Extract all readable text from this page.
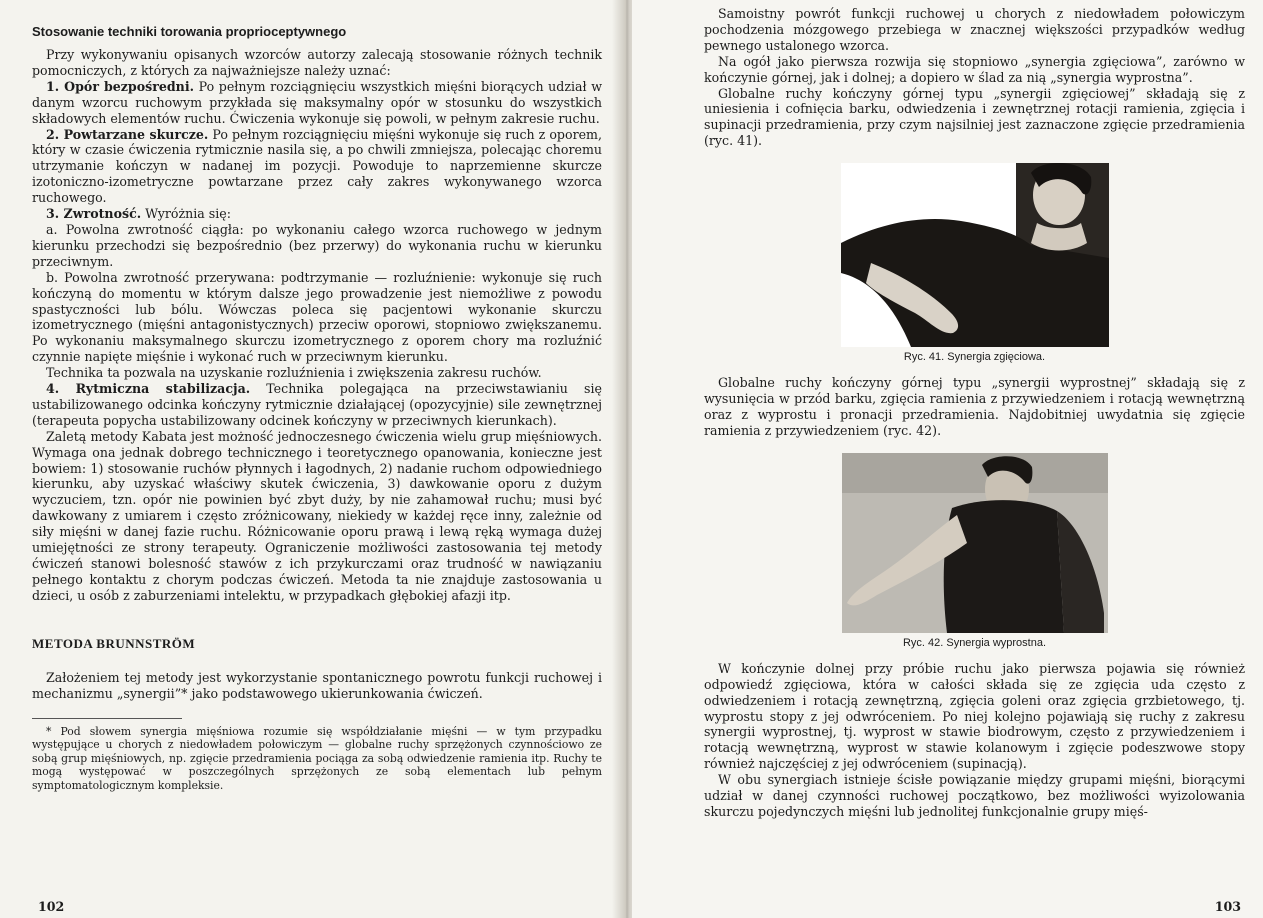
Stosowanie techniki torowania proprioceptywnego

Przy wykonywaniu opisanych wzorców autorzy zalecają stosowanie różnych technik pomocniczych, z których za najważniejsze należy uznać:

1. Opór bezpośredni. Po pełnym rozciągnięciu wszystkich mięśni biorących udział w danym wzorcu ruchowym przykłada się maksymalny opór w stosunku do wszystkich składowych elementów ruchu. Ćwiczenia wykonuje się powoli, w pełnym zakresie ruchu.

2. Powtarzane skurcze. Po pełnym rozciągnięciu mięśni wykonuje się ruch z oporem, który w czasie ćwiczenia rytmicznie nasila się, a po chwili zmniejsza, polecając choremu utrzymanie kończyn w nadanej im pozycji. Powoduje to naprzemienne skurcze izotoniczno-izometryczne powtarzane przez cały zakres wykonywanego wzorca ruchowego.

3. Zwrotność. Wyróżnia się:

a. Powolna zwrotność ciągła: po wykonaniu całego wzorca ruchowego w jednym kierunku przechodzi się bezpośrednio (bez przerwy) do wykonania ruchu w kierunku przeciwnym.

b. Powolna zwrotność przerywana: podtrzymanie — rozluźnienie: wykonuje się ruch kończyną do momentu w którym dalsze jego prowadzenie jest niemożliwe z powodu spastyczności lub bólu. Wówczas poleca się pacjentowi wykonanie skurczu izometrycznego (mięśni antagonistycznych) przeciw oporowi, stopniowo zwiększanemu. Po wykonaniu maksymalnego skurczu izometrycznego z oporem chory ma rozluźnić czynnie napięte mięśnie i wykonać ruch w przeciwnym kierunku.

Technika ta pozwala na uzyskanie rozluźnienia i zwiększenia zakresu ruchów.

4. Rytmiczna stabilizacja. Technika polegająca na przeciwstawianiu się ustabilizowanego odcinka kończyny rytmicznie działającej (opozycyjnie) sile zewnętrznej (terapeuta popycha ustabilizowany odcinek kończyny w przeciwnych kierunkach).

Zaletą metody Kabata jest możność jednoczesnego ćwiczenia wielu grup mięśniowych. Wymaga ona jednak dobrego technicznego i teoretycznego opanowania, konieczne jest bowiem: 1) stosowanie ruchów płynnych i łagodnych, 2) nadanie ruchom odpowiedniego kierunku, aby uzyskać właściwy skutek ćwiczenia, 3) dawkowanie oporu z dużym wyczuciem, tzn. opór nie powinien być zbyt duży, by nie zahamował ruchu; musi być dawkowany z umiarem i często zróżnicowany, niekiedy w każdej ręce inny, zależnie od siły mięśni w danej fazie ruchu. Różnicowanie oporu prawą i lewą ręką wymaga dużej umiejętności ze strony terapeuty. Ograniczenie możliwości zastosowania tej metody ćwiczeń stanowi bolesność stawów z ich przykurczami oraz trudność w nawiązaniu pełnego kontaktu z chorym podczas ćwiczeń. Metoda ta nie znajduje zastosowania u dzieci, u osób z zaburzeniami intelektu, w przypadkach głębokiej afazji itp.

METODA BRUNNSTRÖM

Założeniem tej metody jest wykorzystanie spontanicznego powrotu funkcji ruchowej i mechanizmu „synergii”* jako podstawowego ukierunkowania ćwiczeń.

* Pod słowem synergia mięśniowa rozumie się współdziałanie mięśni — w tym przypadku występujące u chorych z niedowładem połowiczym — globalne ruchy sprzężonych czynnościowo ze sobą grup mięśniowych, np. zgięcie przedramienia pociąga za sobą odwiedzenie ramienia itp. Ruchy te mogą występować w poszczególnych sprzężonych ze sobą elementach lub pełnym symptomatologicznym kompleksie.

102

Samoistny powrót funkcji ruchowej u chorych z niedowładem połowiczym pochodzenia mózgowego przebiega w znacznej większości przypadków według pewnego ustalonego wzorca.

Na ogół jako pierwsza rozwija się stopniowo „synergia zgięciowa”, zarówno w kończynie górnej, jak i dolnej; a dopiero w ślad za nią „synergia wyprostna”.

Globalne ruchy kończyny górnej typu „synergii zgięciowej” składają się z uniesienia i cofnięcia barku, odwiedzenia i zewnętrznej rotacji ramienia, zgięcia i supinacji przedramienia, przy czym najsilniej jest zaznaczone zgięcie przedramienia (ryc. 41).

Ryc. 41. Synergia zgięciowa.

Globalne ruchy kończyny górnej typu „synergii wyprostnej” składają się z wysunięcia w przód barku, zgięcia ramienia z przywiedzeniem i rotacją wewnętrzną oraz z wyprostu i pronacji przedramienia. Najdobitniej uwydatnia się zgięcie ramienia z przywiedzeniem (ryc. 42).

Ryc. 42. Synergia wyprostna.

W kończynie dolnej przy próbie ruchu jako pierwsza pojawia się również odpowiedź zgięciowa, która w całości składa się ze zgięcia uda często z odwiedzeniem i rotacją zewnętrzną, zgięcia goleni oraz zgięcia grzbietowego, tj. wyprostu stopy z jej odwróceniem. Po niej kolejno pojawiają się ruchy z zakresu synergii wyprostnej, tj. wyprost w stawie biodrowym, często z przywiedzeniem i rotacją wewnętrzną, wyprost w stawie kolanowym i zgięcie podeszwowe stopy również najczęściej z jej odwróceniem (supinacją).

W obu synergiach istnieje ścisłe powiązanie między grupami mięśni, biorącymi udział w danej czynności ruchowej początkowo, bez możliwości wyizolowania skurczu pojedynczych mięśni lub jednolitej funkcjonalnie grupy mięś-

103
